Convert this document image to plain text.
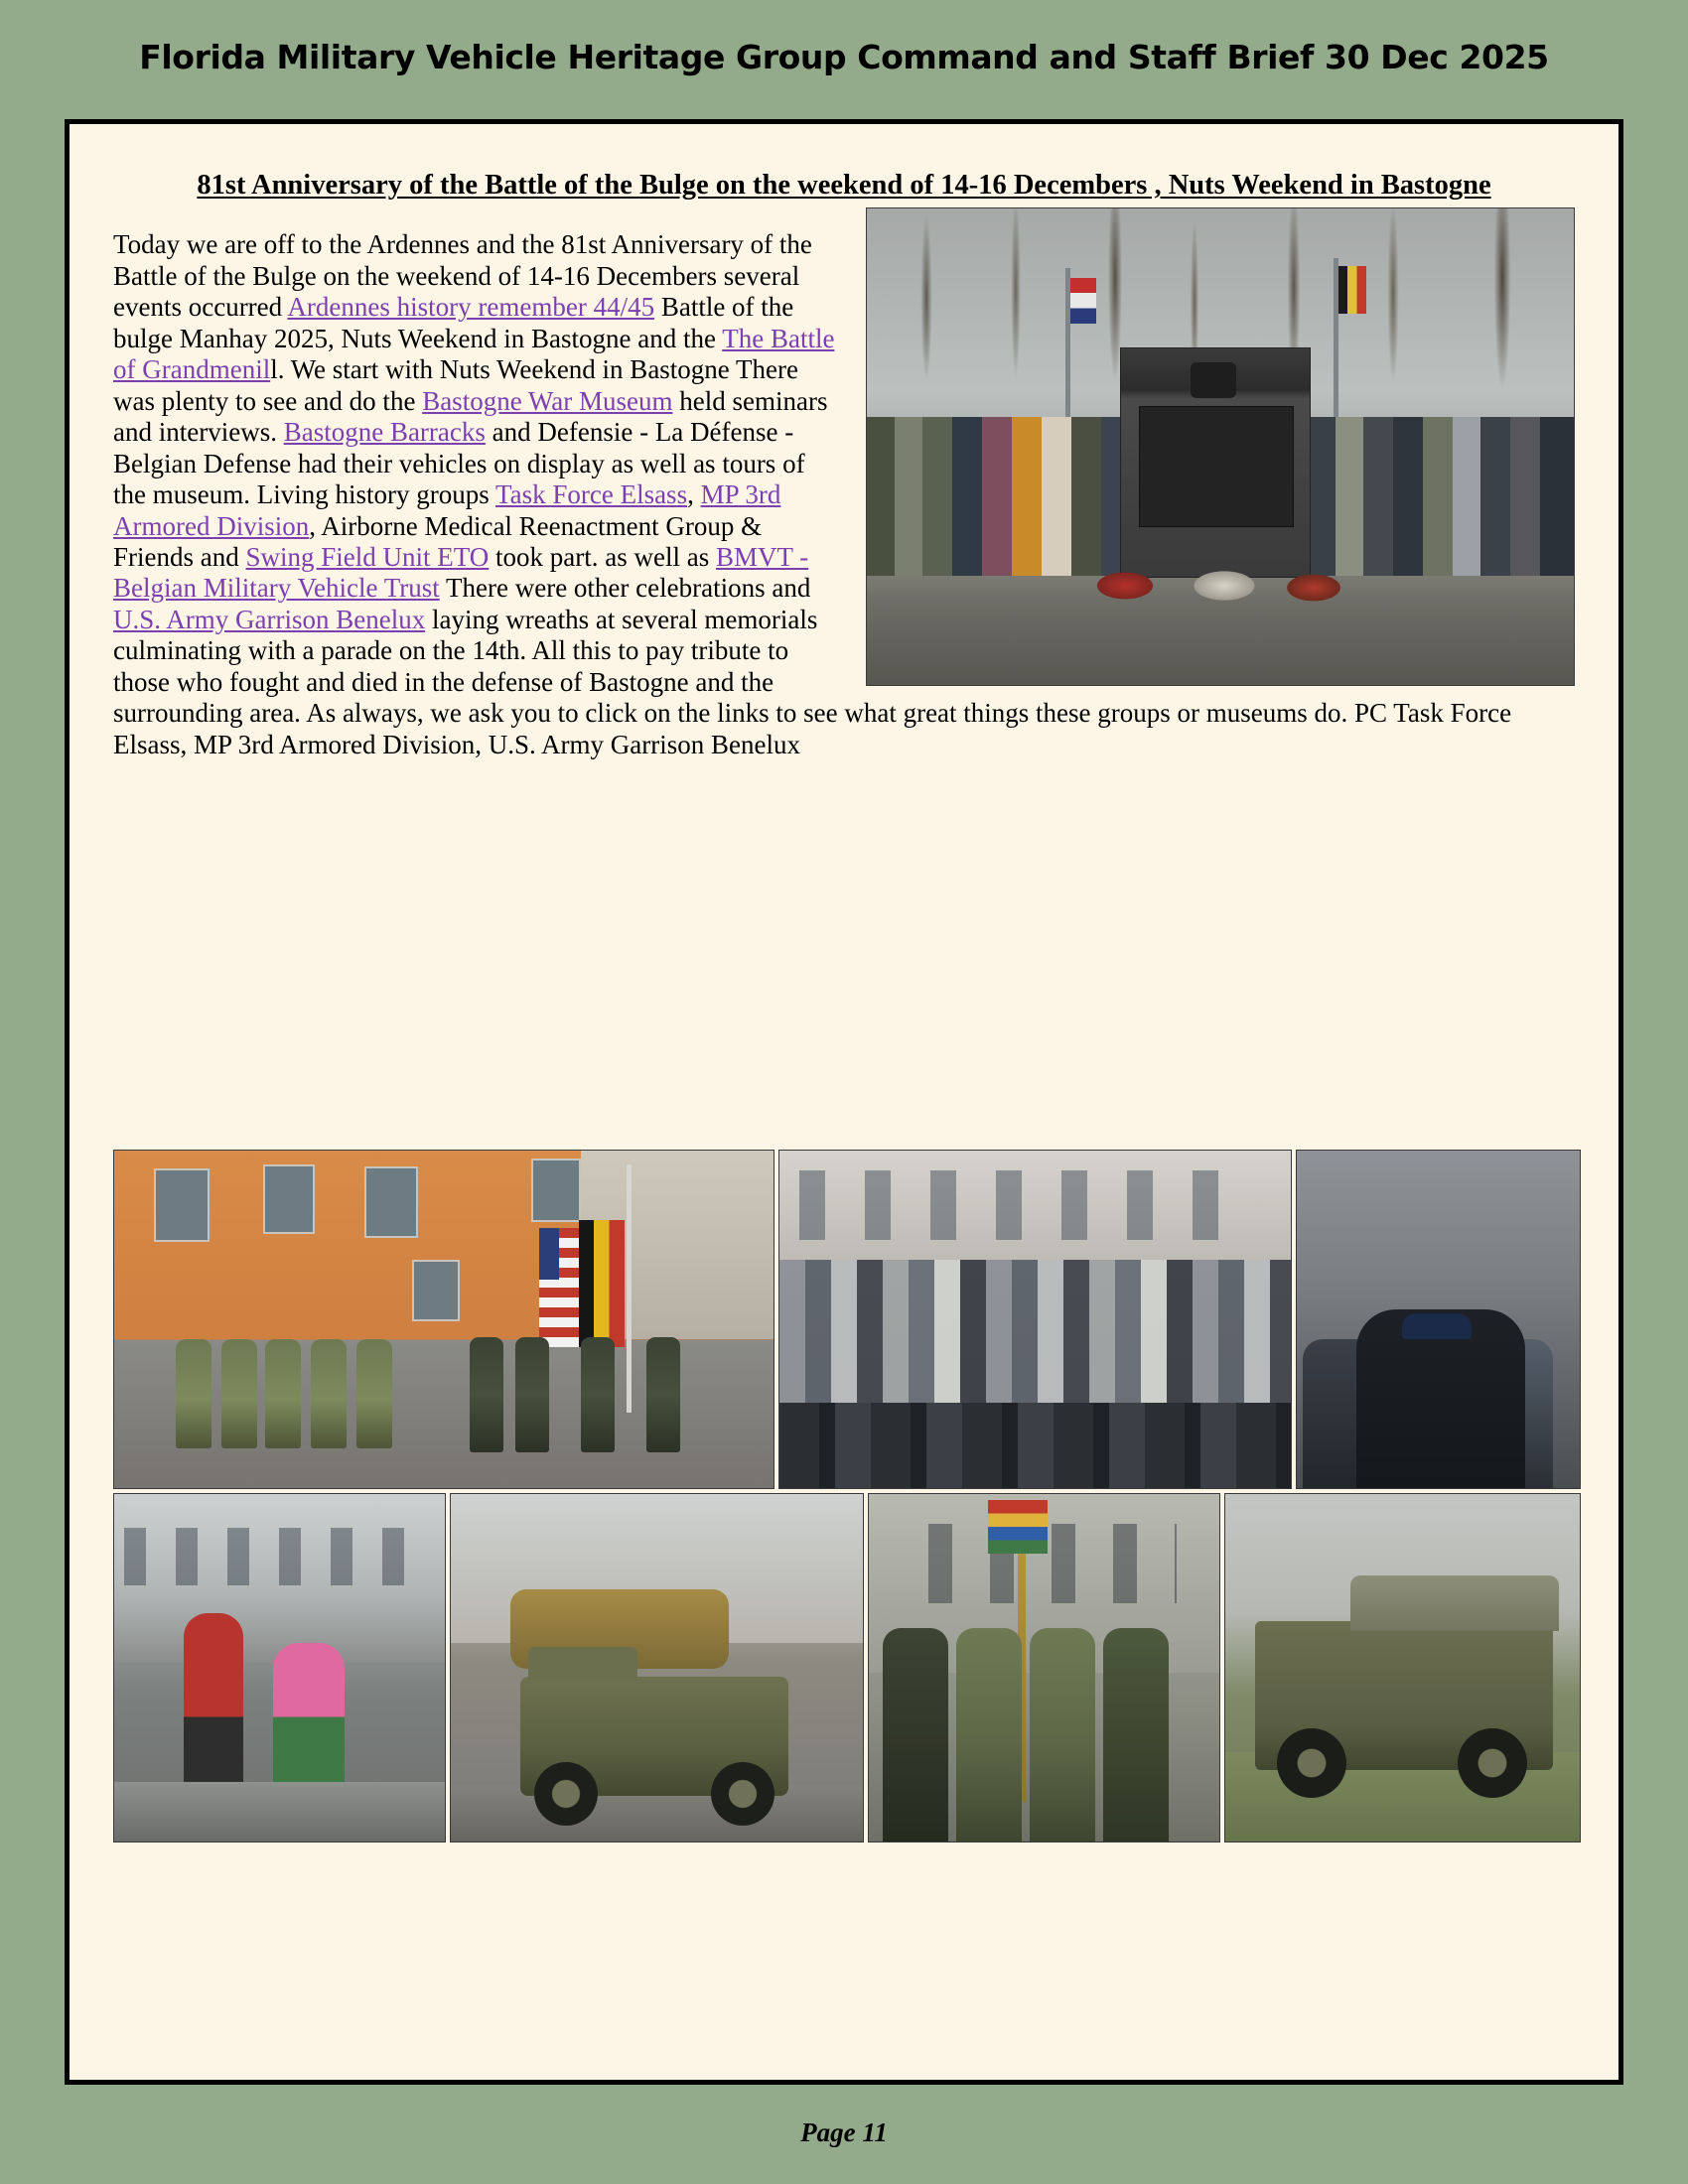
Florida Military Vehicle Heritage Group Command and Staff Brief 30 Dec 2025
81st Anniversary of the Battle of the Bulge on the weekend of 14-16 Decembers , Nuts Weekend in Bastogne
Today we are off to the Ardennes and the 81st Anniversary of the Battle of the Bulge on the weekend of 14-16 Decembers several events occurred Ardennes history remember 44/45 Battle of the bulge Manhay 2025, Nuts Weekend in Bastogne and the The Battle of Grandmenill. We start with Nuts Weekend in Bastogne There was plenty to see and do the Bastogne War Museum held seminars and interviews. Bastogne Barracks and Defensie - La Défense - Belgian Defense had their vehicles on display as well as tours of the museum. Living history groups Task Force Elsass, MP 3rd Armored Division, Airborne Medical Reenactment Group & Friends and Swing Field Unit ETO took part. as well as BMVT - Belgian Military Vehicle Trust There were other celebrations and U.S. Army Garrison Benelux laying wreaths at several memorials culminating with a parade on the 14th. All this to pay tribute to those who fought and died in the defense of Bastogne and the surrounding area. As always, we ask you to click on the links to see what great things these groups or museums do. PC Task Force Elsass, MP 3rd Armored Division, U.S. Army Garrison Benelux
Page 11
